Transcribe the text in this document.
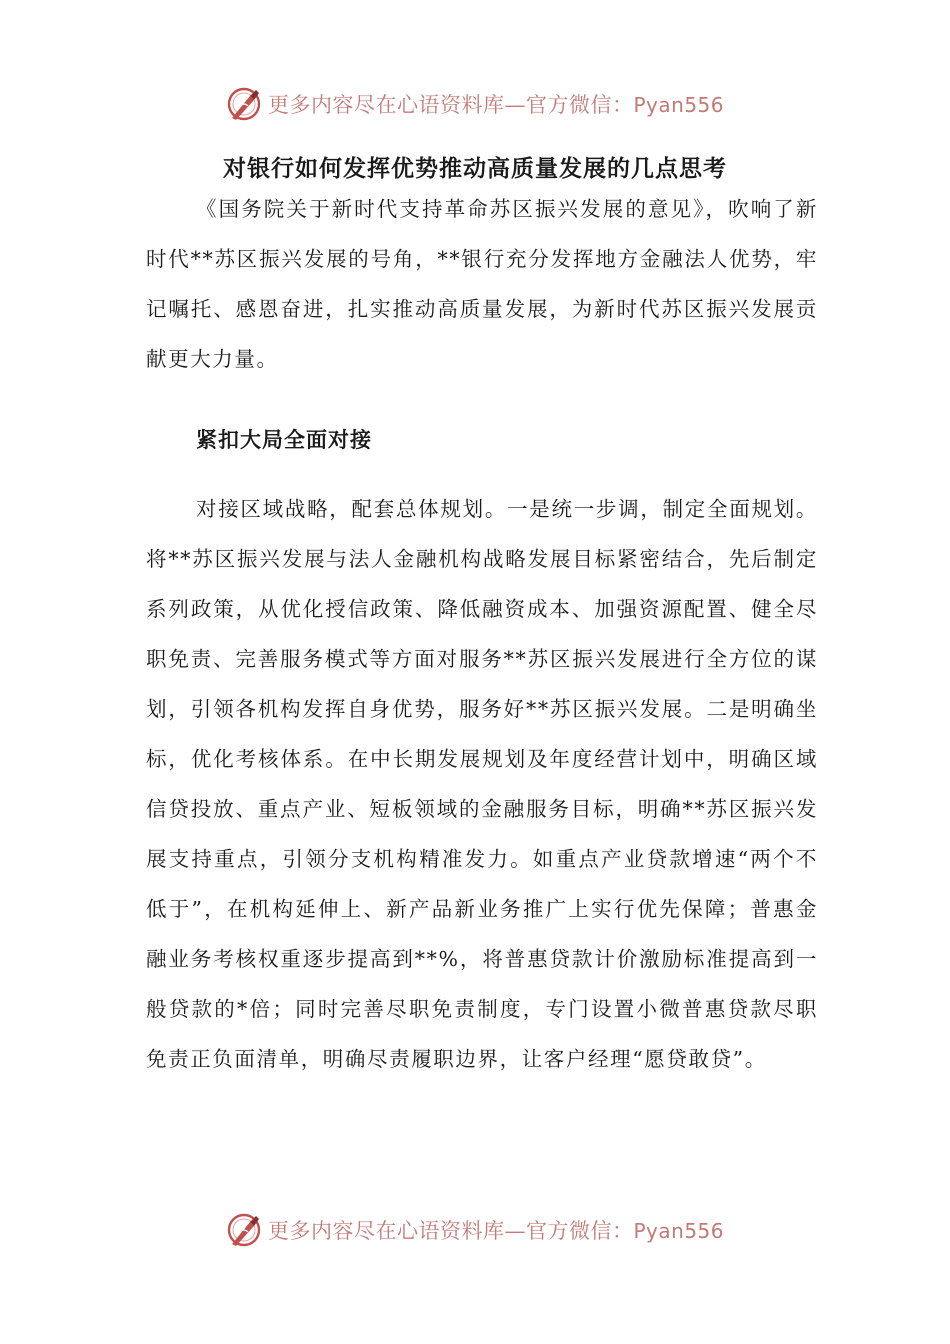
更多内容尽在心语资料库—官方微信：Pyan556
对银行如何发挥优势推动高质量发展的几点思考

《国务院关于新时代支持革命苏区振兴发展的意见》，吹响了新时代**苏区振兴发展的号角，**银行充分发挥地方金融法人优势，牢记嘱托、感恩奋进，扎实推动高质量发展，为新时代苏区振兴发展贡献更大力量。

紧扣大局全面对接

对接区域战略，配套总体规划。一是统一步调，制定全面规划。将**苏区振兴发展与法人金融机构战略发展目标紧密结合，先后制定系列政策，从优化授信政策、降低融资成本、加强资源配置、健全尽职免责、完善服务模式等方面对服务**苏区振兴发展进行全方位的谋划，引领各机构发挥自身优势，服务好**苏区振兴发展。二是明确坐标，优化考核体系。在中长期发展规划及年度经营计划中，明确区域信贷投放、重点产业、短板领域的金融服务目标，明确**苏区振兴发展支持重点，引领分支机构精准发力。如重点产业贷款增速“两个不低于”，在机构延伸上、新产品新业务推广上实行优先保障；普惠金融业务考核权重逐步提高到**%，将普惠贷款计价激励标准提高到一般贷款的*倍；同时完善尽职免责制度，专门设置小微普惠贷款尽职免责正负面清单，明确尽责履职边界，让客户经理“愿贷敢贷”。

更多内容尽在心语资料库—官方微信：Pyan556
